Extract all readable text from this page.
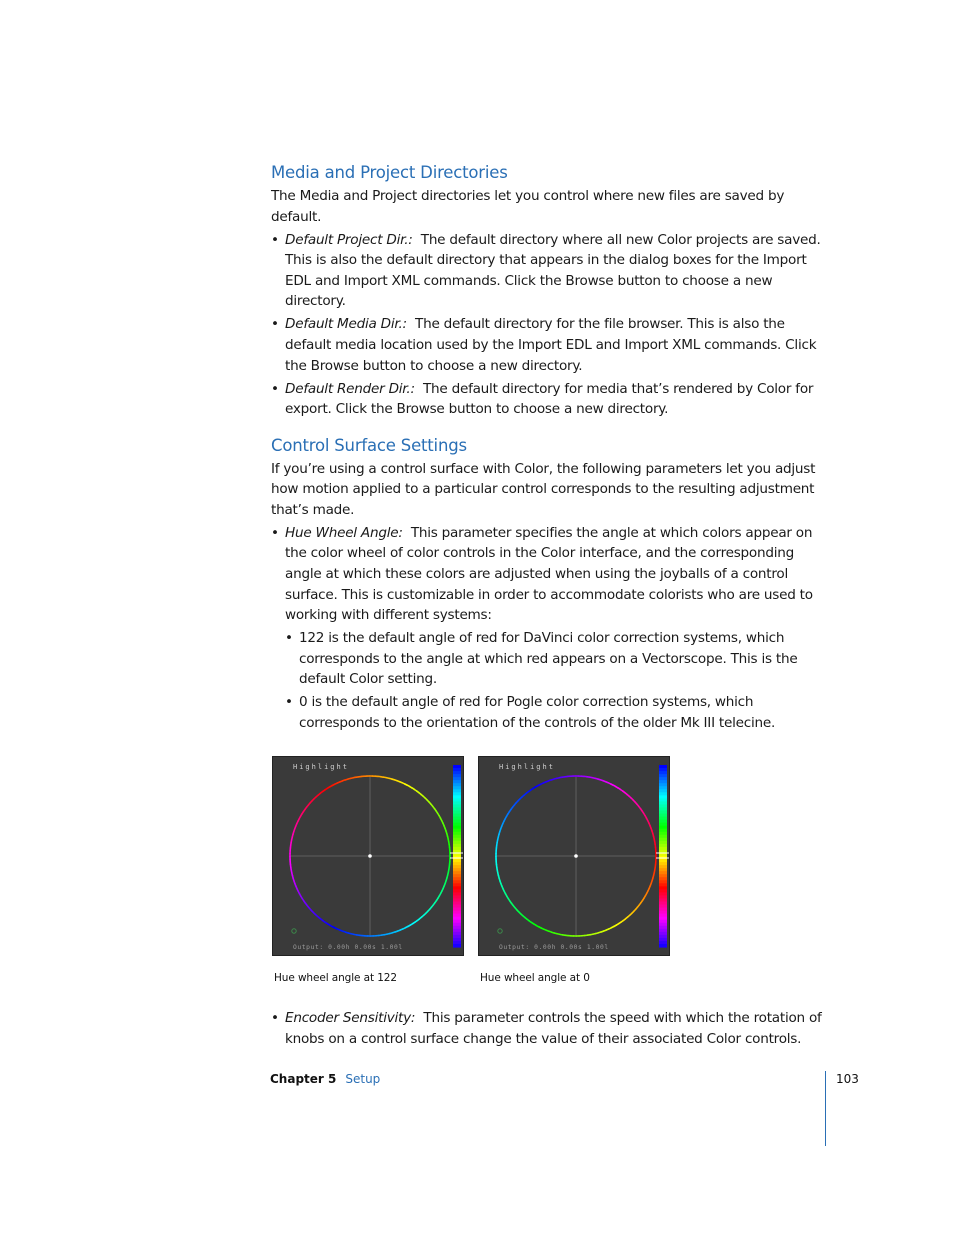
Media and Project Directories

The Media and Project directories let you control where new files are saved by default.

• Default Project Dir.: The default directory where all new Color projects are saved. This is also the default directory that appears in the dialog boxes for the Import EDL and Import XML commands. Click the Browse button to choose a new directory.
• Default Media Dir.: The default directory for the file browser. This is also the default media location used by the Import EDL and Import XML commands. Click the Browse button to choose a new directory.
• Default Render Dir.: The default directory for media that’s rendered by Color for export. Click the Browse button to choose a new directory.
Control Surface Settings

If you’re using a control surface with Color, the following parameters let you adjust how motion applied to a particular control corresponds to the resulting adjustment that’s made.

• Hue Wheel Angle: This parameter specifies the angle at which colors appear on the color wheel of color controls in the Color interface, and the corresponding angle at which these colors are adjusted when using the joyballs of a control surface. This is customizable in order to accommodate colorists who are used to working with different systems:
• 122 is the default angle of red for DaVinci color correction systems, which corresponds to the angle at which red appears on a Vectorscope. This is the default Color setting.
• 0 is the default angle of red for Pogle color correction systems, which corresponds to the orientation of the controls of the older Mk III telecine.
Highlight
Output: 0.00h 0.00s 1.00l
Hue wheel angle at 122
Highlight
Output: 0.00h 0.00s 1.00l
Hue wheel angle at 0
• Encoder Sensitivity: This parameter controls the speed with which the rotation of knobs on a control surface change the value of their associated Color controls.
Chapter 5 Setup	103
